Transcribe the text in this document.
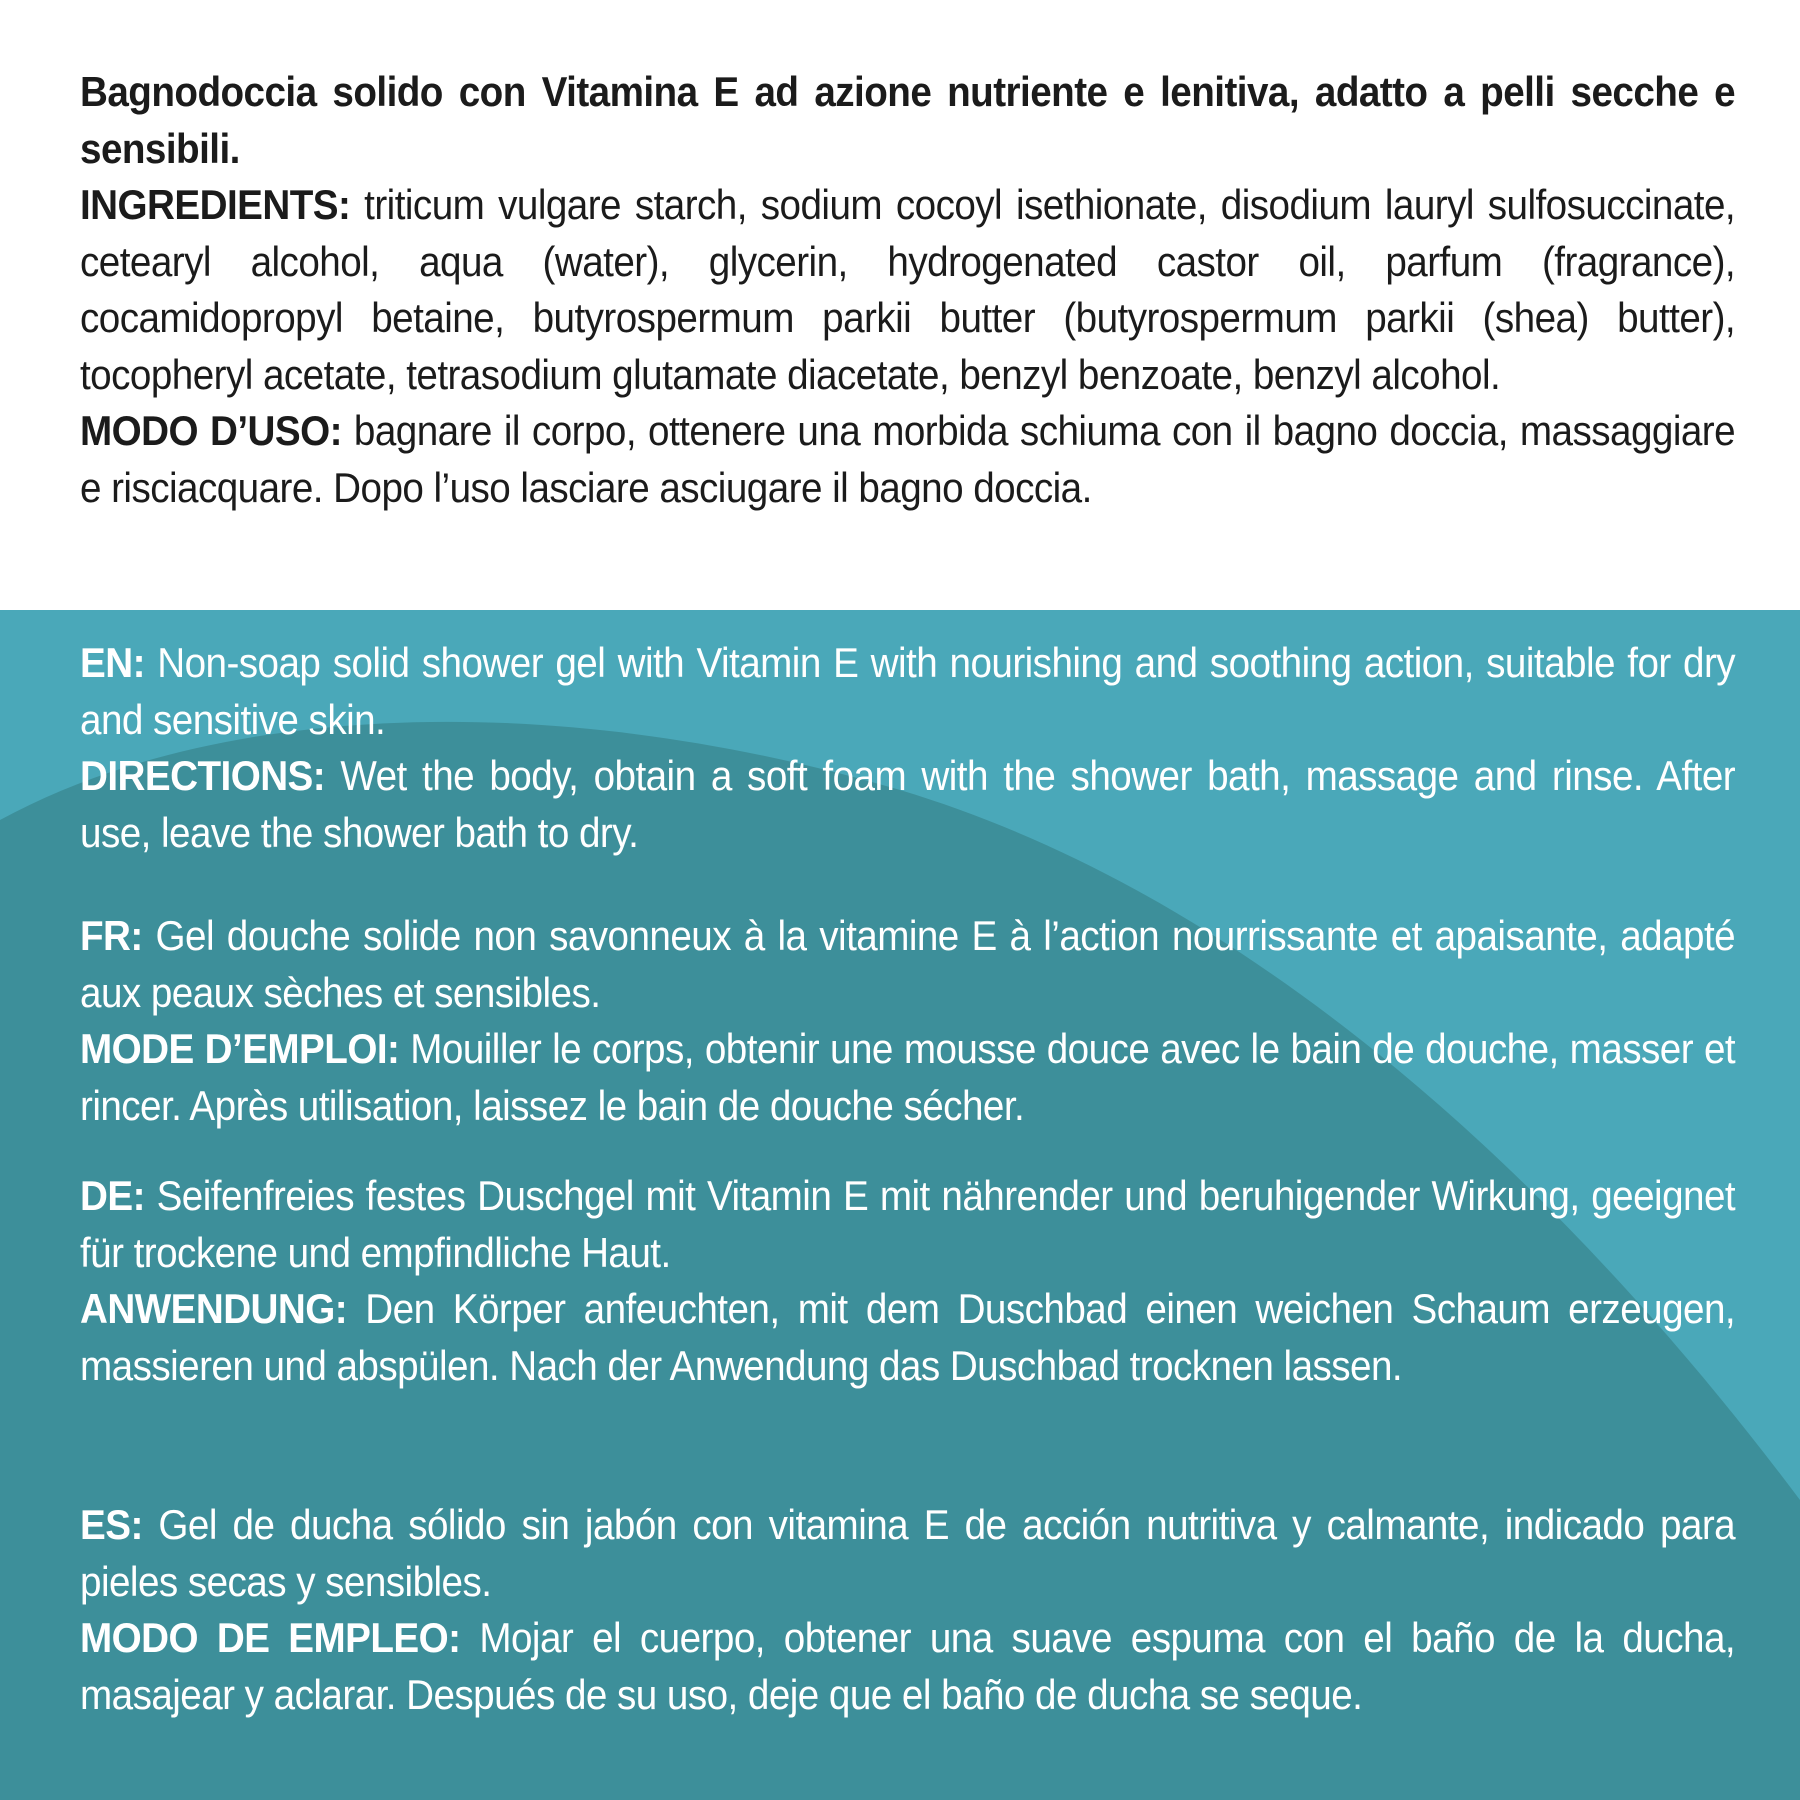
Bagnodoccia solido con Vitamina E ad azione nutriente e lenitiva, adatto a pelli secche e sensibili.

INGREDIENTS: triticum vulgare starch, sodium cocoyl isethionate, disodium lauryl sulfosuccinate, cetearyl alcohol, aqua (water), glycerin, hydrogenated castor oil, parfum (fragrance), cocamidopropyl betaine, butyrospermum parkii butter (butyrospermum parkii (shea) butter), tocopheryl acetate, tetrasodium glutamate diacetate, benzyl benzoate, benzyl alcohol.

MODO D’USO: bagnare il corpo, ottenere una morbida schiuma con il bagno doccia, massaggiare e risciacquare. Dopo l’uso lasciare asciugare il bagno doccia.

EN: Non-soap solid shower gel with Vitamin E with nourishing and soothing action, suitable for dry and sensitive skin.

DIRECTIONS: Wet the body, obtain a soft foam with the shower bath, massage and rinse. After use, leave the shower bath to dry.

FR: Gel douche solide non savonneux à la vitamine E à l’action nourrissante et apaisante, adapté aux peaux sèches et sensibles.

MODE D’EMPLOI: Mouiller le corps, obtenir une mousse douce avec le bain de douche, masser et rincer. Après utilisation, laissez le bain de douche sécher.

DE: Seifenfreies festes Duschgel mit Vitamin E mit nährender und beruhigender Wirkung, geeignet für trockene und empfindliche Haut.

ANWENDUNG: Den Körper anfeuchten, mit dem Duschbad einen weichen Schaum erzeugen, massieren und abspülen. Nach der Anwendung das Duschbad trocknen lassen.

ES: Gel de ducha sólido sin jabón con vitamina E de acción nutritiva y calmante, indicado para pieles secas y sensibles.

MODO DE EMPLEO: Mojar el cuerpo, obtener una suave espuma con el baño de la ducha, masajear y aclarar. Después de su uso, deje que el baño de ducha se seque.
